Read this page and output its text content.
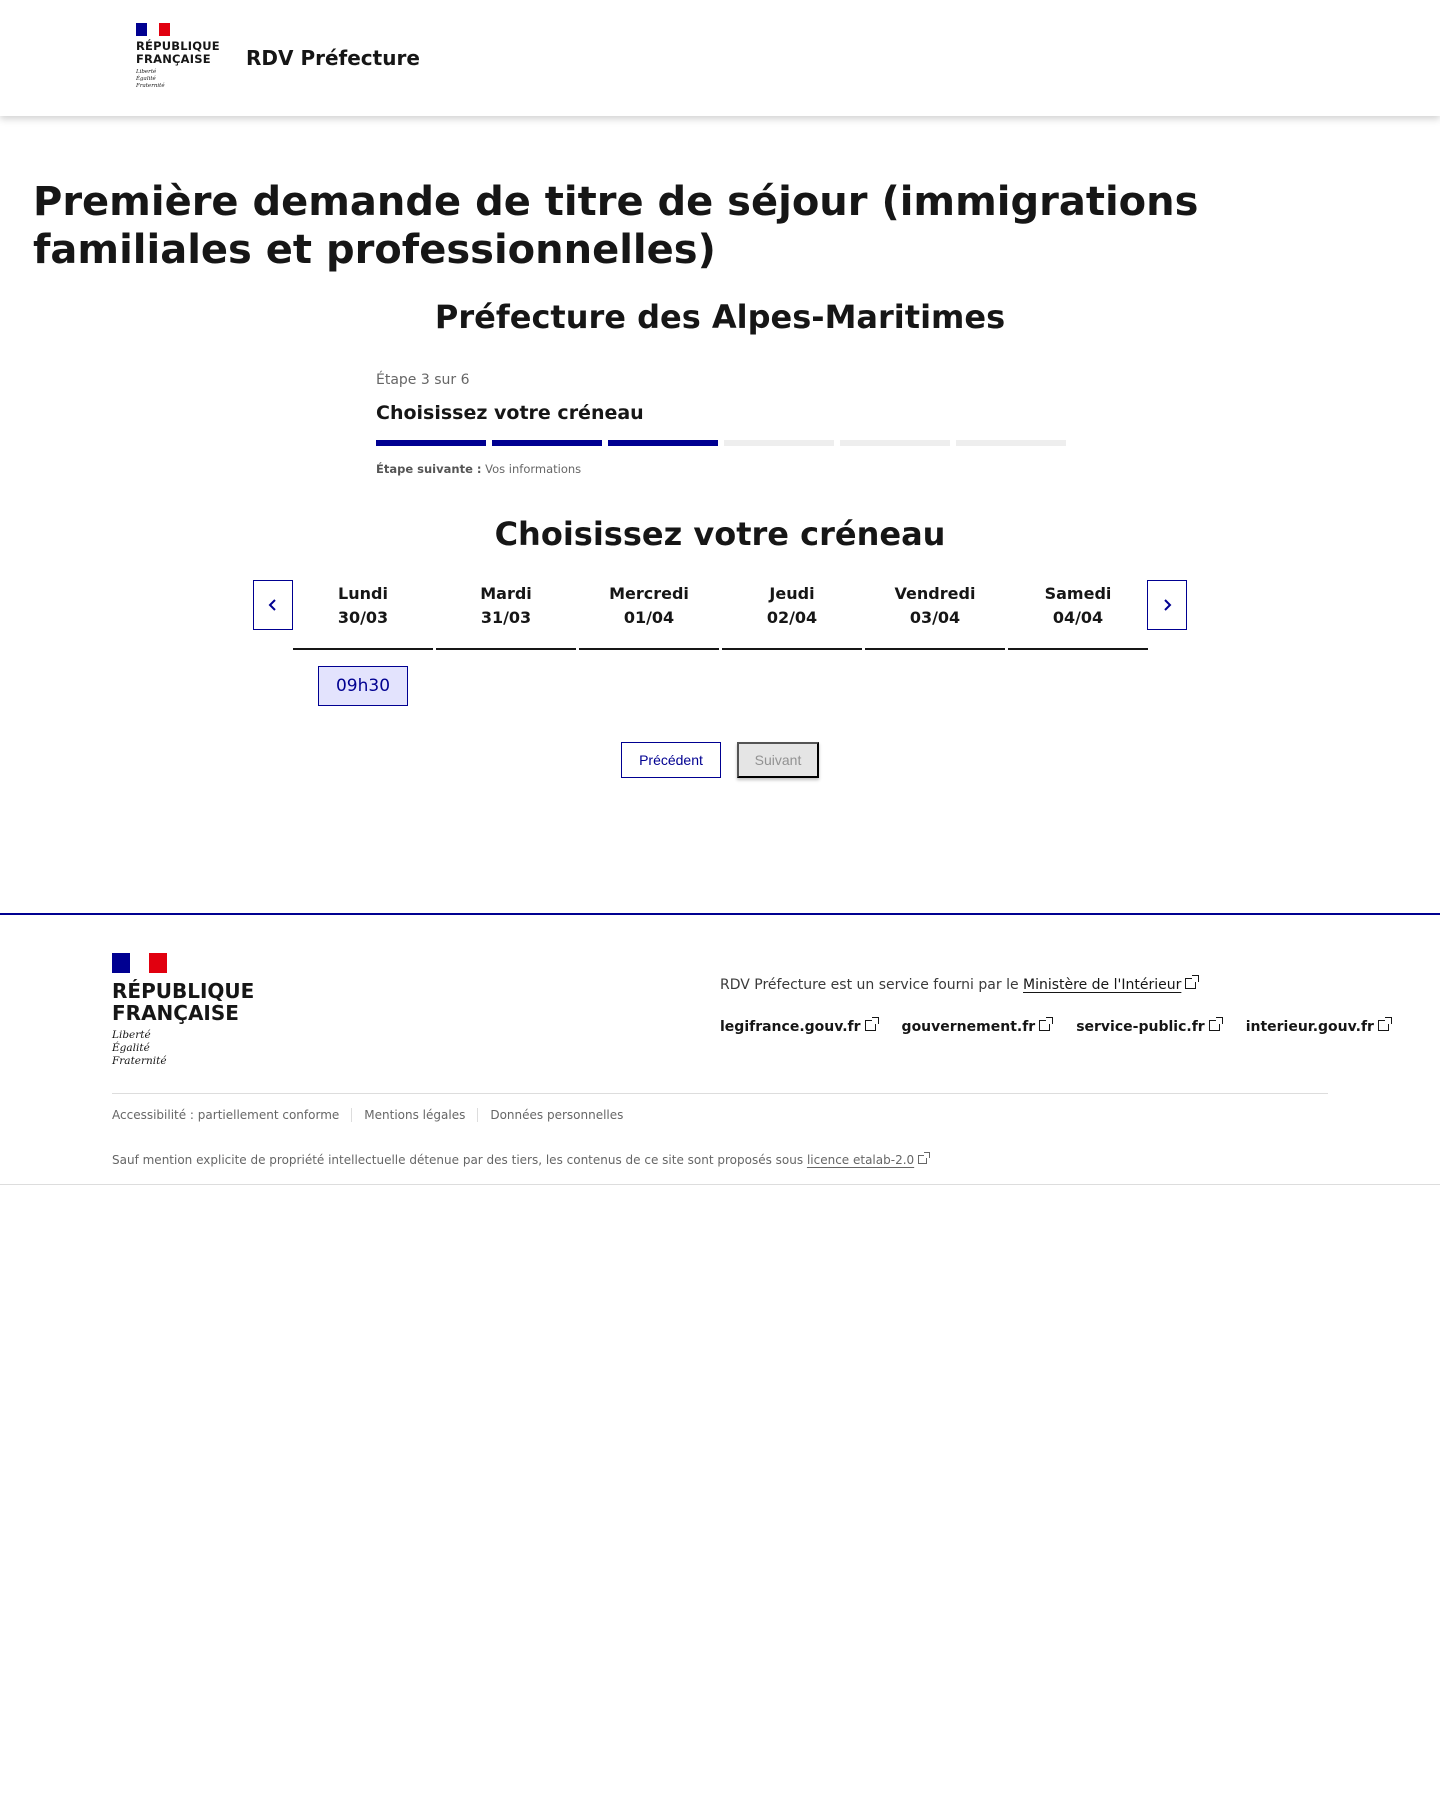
RÉPUBLIQUE
FRANÇAISE
Liberté
Égalité
Fraternité
RDV Préfecture
Première demande de titre de séjour (immigrations familiales et professionnelles)
Préfecture des Alpes-Maritimes
Étape 3 sur 6
Choisissez votre créneau
Étape suivante : Vos informations
Choisissez votre créneau
Lundi
30/03
Mardi
31/03
Mercredi
01/04
Jeudi
02/04
Vendredi
03/04
Samedi
04/04
09h30
Précédent	Suivant
RÉPUBLIQUE
FRANÇAISE
Liberté
Égalité
Fraternité
RDV Préfecture est un service fourni par le Ministère de l'Intérieur
legifrance.gouv.fr	gouvernement.fr	service-public.fr	interieur.gouv.fr
Accessibilité : partiellement conforme	Mentions légales	Données personnelles
Sauf mention explicite de propriété intellectuelle détenue par des tiers, les contenus de ce site sont proposés sous licence etalab-2.0
